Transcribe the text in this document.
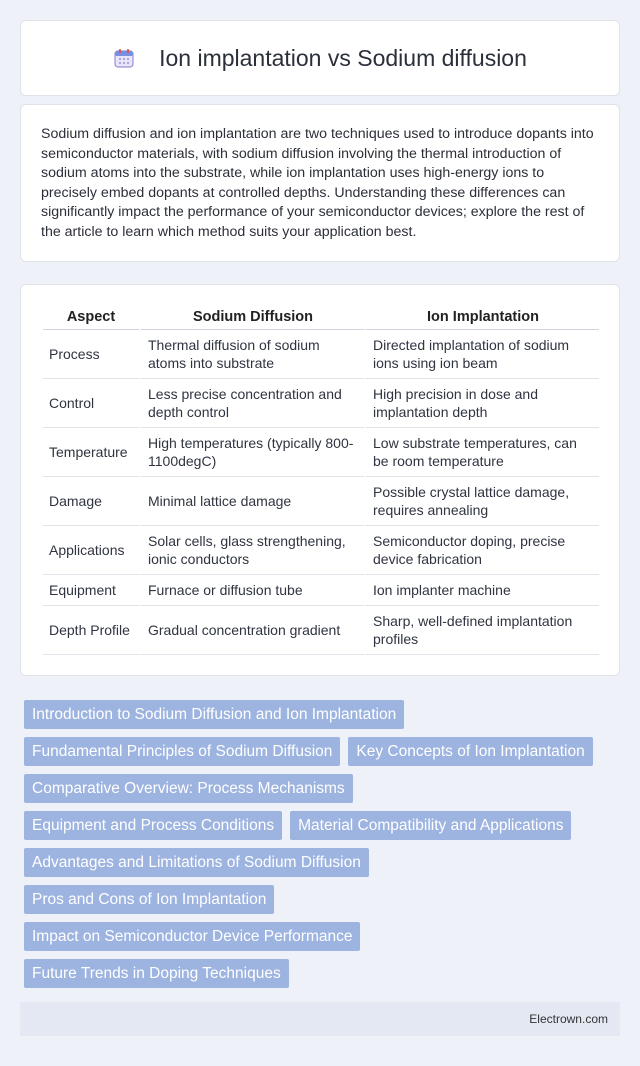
Ion implantation vs Sodium diffusion

Sodium diffusion and ion implantation are two techniques used to introduce dopants into semiconductor materials, with sodium diffusion involving the thermal introduction of sodium atoms into the substrate, while ion implantation uses high-energy ions to precisely embed dopants at controlled depths. Understanding these differences can significantly impact the performance of your semiconductor devices; explore the rest of the article to learn which method suits your application best.

Aspect	Sodium Diffusion	Ion Implantation
Process	Thermal diffusion of sodium atoms into substrate	Directed implantation of sodium ions using ion beam
Control	Less precise concentration and depth control	High precision in dose and implantation depth
Temperature	High temperatures (typically 800-1100degC)	Low substrate temperatures, can be room temperature
Damage	Minimal lattice damage	Possible crystal lattice damage, requires annealing
Applications	Solar cells, glass strengthening, ionic conductors	Semiconductor doping, precise device fabrication
Equipment	Furnace or diffusion tube	Ion implanter machine
Depth Profile	Gradual concentration gradient	Sharp, well-defined implantation profiles
Introduction to Sodium Diffusion and Ion Implantation
Fundamental Principles of Sodium Diffusion	Key Concepts of Ion Implantation
Comparative Overview: Process Mechanisms
Equipment and Process Conditions	Material Compatibility and Applications
Advantages and Limitations of Sodium Diffusion
Pros and Cons of Ion Implantation
Impact on Semiconductor Device Performance
Future Trends in Doping Techniques
Electrown.com
